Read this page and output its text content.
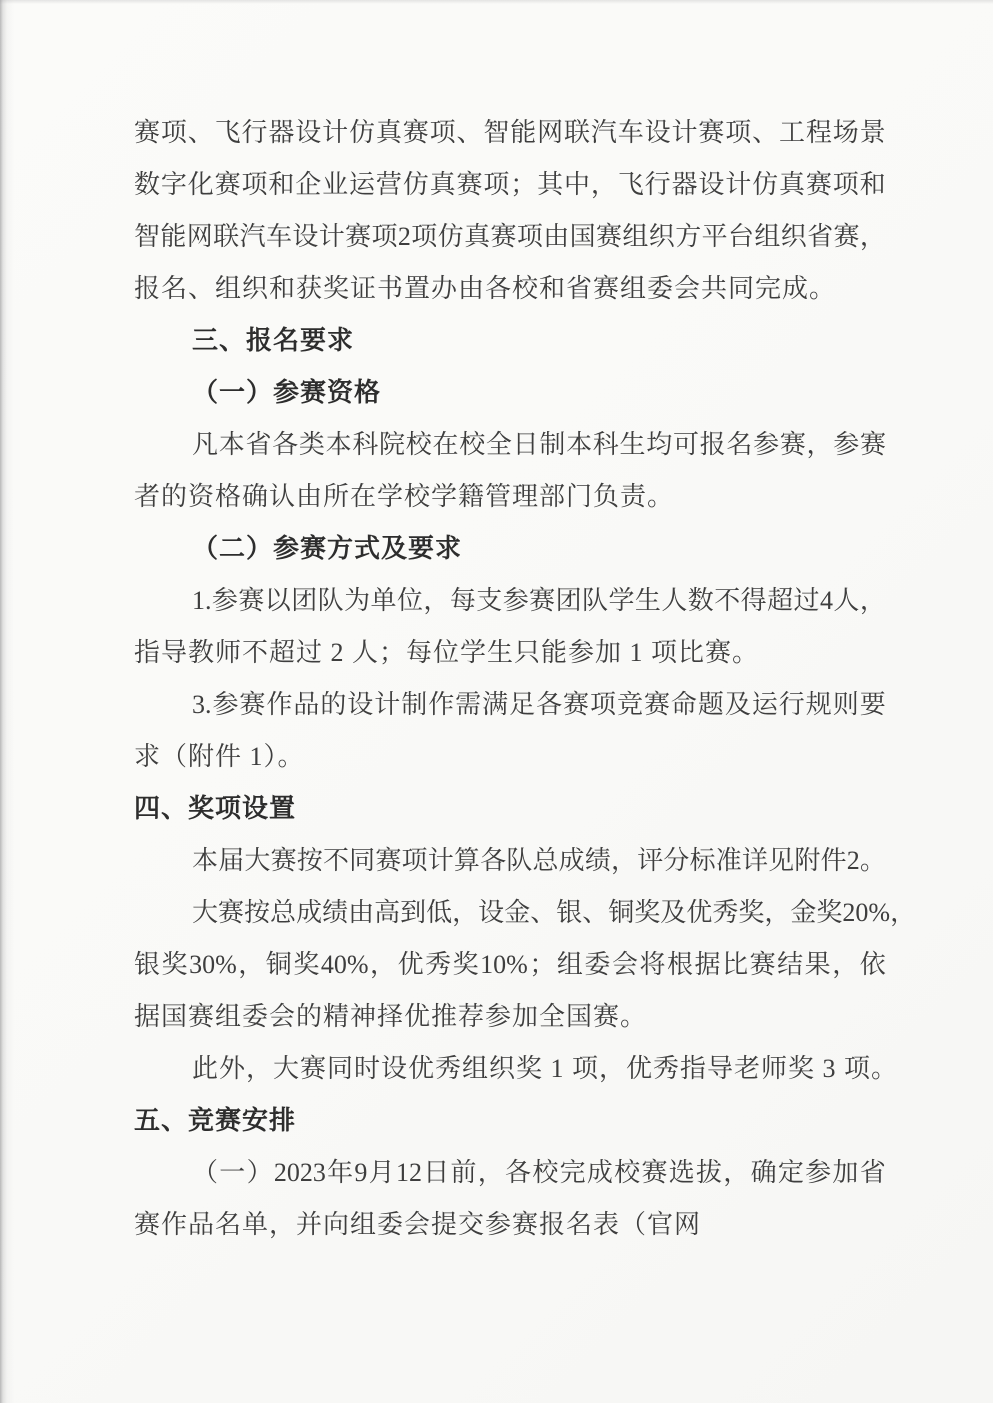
赛 项 、 飞 行 器 设 计 仿 真 赛 项 、 智 能 网 联 汽 车 设 计 赛 项 、 工 程 场 景
数 字 化 赛 项 和 企 业 运 营 仿 真 赛 项 ； 其 中 ， 飞 行 器 设 计 仿 真 赛 项 和
智 能 网 联 汽 车 设 计 赛 项 2 项 仿 真 赛 项 由 国 赛 组 织 方 平 台 组 织 省 赛 ，
报名、组织和获奖证书置办由各校和省赛组委会共同完成。
三、报名要求
（一）参赛资格
凡 本 省 各 类 本 科 院 校 在 校 全 日 制 本 科 生 均 可 报 名 参 赛 ， 参 赛
者的资格确认由所在学校学籍管理部门负责。
（二）参赛方式及要求
1. 参 赛 以 团 队 为 单 位 ， 每 支 参 赛 团 队 学 生 人 数 不 得 超 过 4 人 ，
指导教师不超过 2 人；每位学生只能参加 1 项比赛。
3. 参 赛 作 品 的 设 计 制 作 需 满 足 各 赛 项 竞 赛 命 题 及 运 行 规 则 要
求（附件 1）。
四、奖项设置
本 届 大 赛 按 不 同 赛 项 计 算 各 队 总 成 绩 ， 评 分 标 准 详 见 附 件 2 。
大 赛 按 总 成 绩 由 高 到 低 ， 设 金 、 银 、 铜 奖 及 优 秀 奖 ， 金 奖 20% ，
银 奖 30% ， 铜 奖 40% ， 优 秀 奖 10% ； 组 委 会 将 根 据 比 赛 结 果 ， 依
据国赛组委会的精神择优推荐参加全国赛。
此外，大赛同时设优秀组织奖 1 项，优秀指导老师奖 3 项。
五、竞赛安排
（ 一 ） 2023 年 9 月 12 日 前 ， 各 校 完 成 校 赛 选 拔 ， 确 定 参 加 省
赛作品名单，并向组委会提交参赛报名表（官网
